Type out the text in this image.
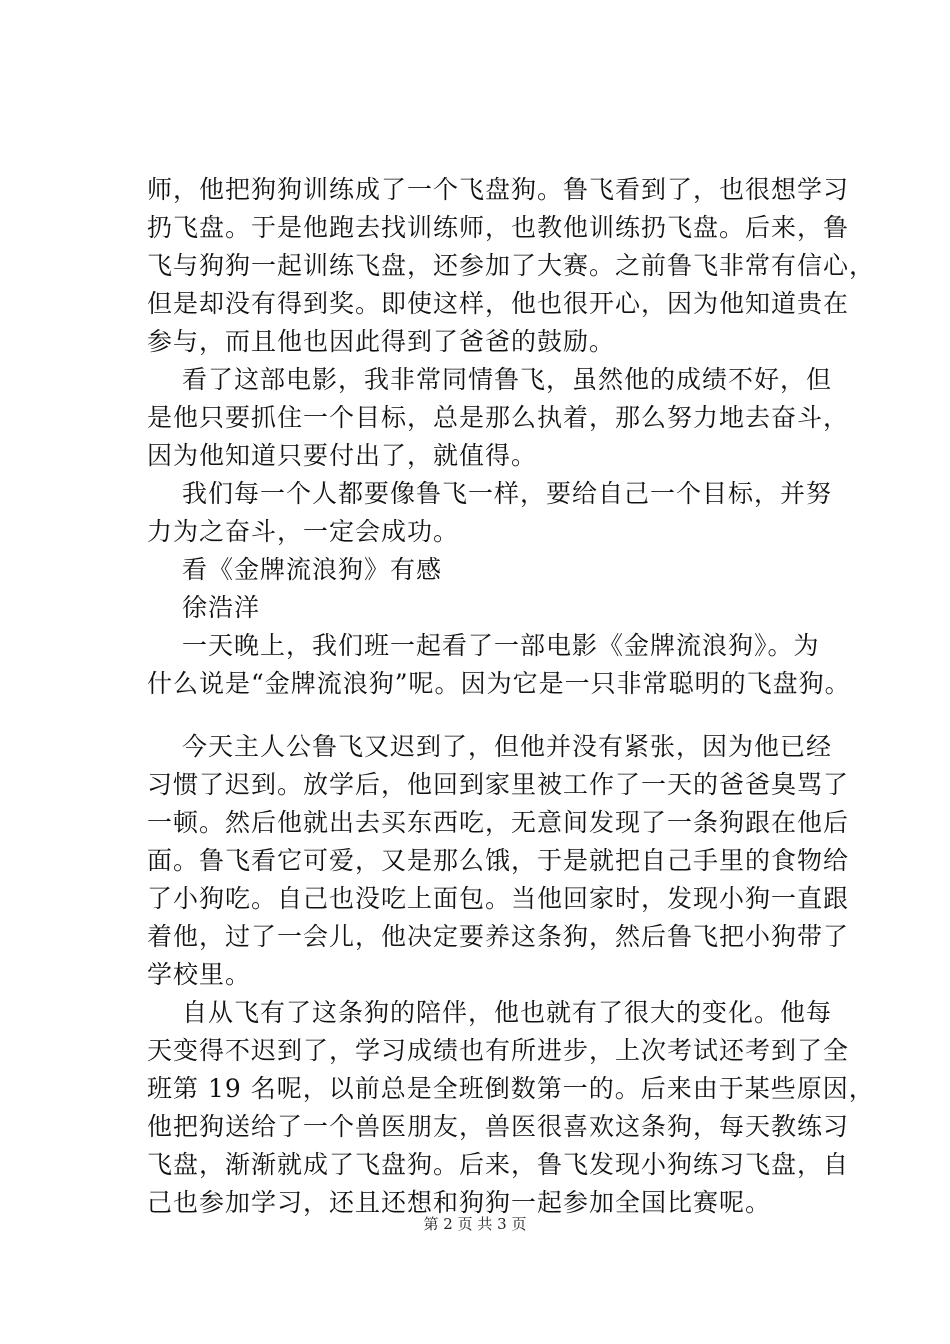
师，他把狗狗训练成了一个飞盘狗。鲁飞看到了，也很想学习
扔飞盘。于是他跑去找训练师，也教他训练扔飞盘。后来，鲁
飞与狗狗一起训练飞盘，还参加了大赛。之前鲁飞非常有信心，
但是却没有得到奖。即使这样，他也很开心，因为他知道贵在
参与，而且他也因此得到了爸爸的鼓励。
看了这部电影，我非常同情鲁飞，虽然他的成绩不好，但
是他只要抓住一个目标，总是那么执着，那么努力地去奋斗，
因为他知道只要付出了，就值得。
我们每一个人都要像鲁飞一样，要给自己一个目标，并努
力为之奋斗，一定会成功。
看《金牌流浪狗》有感
徐浩洋
一天晚上，我们班一起看了一部电影《金牌流浪狗》。为
什么说是“金牌流浪狗”呢。因为它是一只非常聪明的飞盘狗。
今天主人公鲁飞又迟到了，但他并没有紧张，因为他已经
习惯了迟到。放学后，他回到家里被工作了一天的爸爸臭骂了
一顿。然后他就出去买东西吃，无意间发现了一条狗跟在他后
面。鲁飞看它可爱，又是那么饿，于是就把自己手里的食物给
了小狗吃。自己也没吃上面包。当他回家时，发现小狗一直跟
着他，过了一会儿，他决定要养这条狗，然后鲁飞把小狗带了
学校里。
自从飞有了这条狗的陪伴，他也就有了很大的变化。他每
天变得不迟到了，学习成绩也有所进步，上次考试还考到了全
班第 19 名呢，以前总是全班倒数第一的。后来由于某些原因，
他把狗送给了一个兽医朋友，兽医很喜欢这条狗，每天教练习
飞盘，渐渐就成了飞盘狗。后来，鲁飞发现小狗练习飞盘，自
己也参加学习，还且还想和狗狗一起参加全国比赛呢。
第 2 页 共 3 页
